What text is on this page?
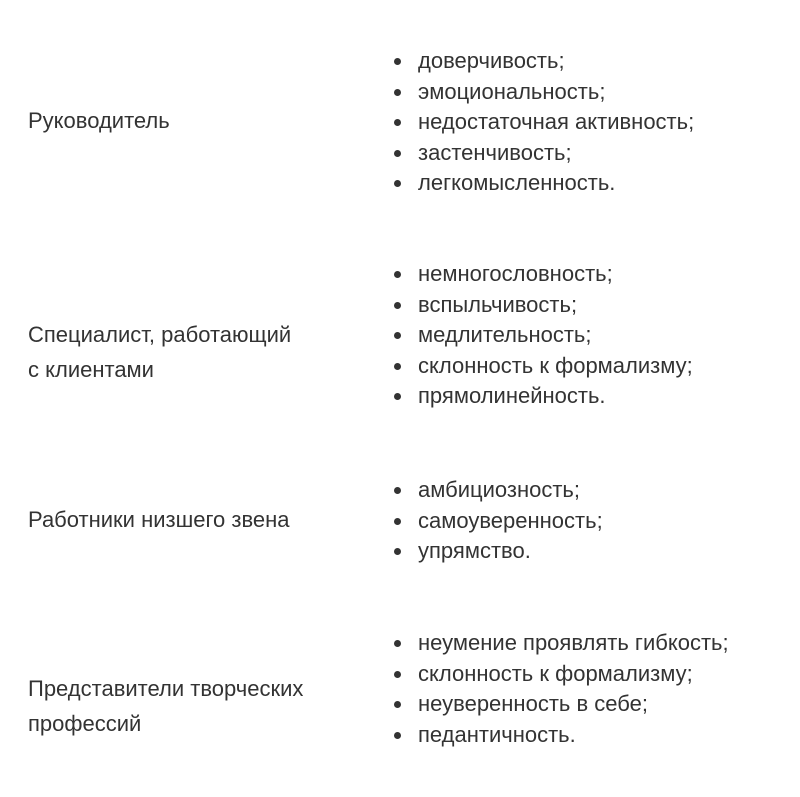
Руководитель
доверчивость;
эмоциональность;
недостаточная активность;
застенчивость;
легкомысленность.
Специалист, работающий
с клиентами
немногословность;
вспыльчивость;
медлительность;
склонность к формализму;
прямолинейность.
Работники низшего звена
амбициозность;
самоуверенность;
упрямство.
Представители творческих
профессий
неумение проявлять гибкость;
склонность к формализму;
неуверенность в себе;
педантичность.
